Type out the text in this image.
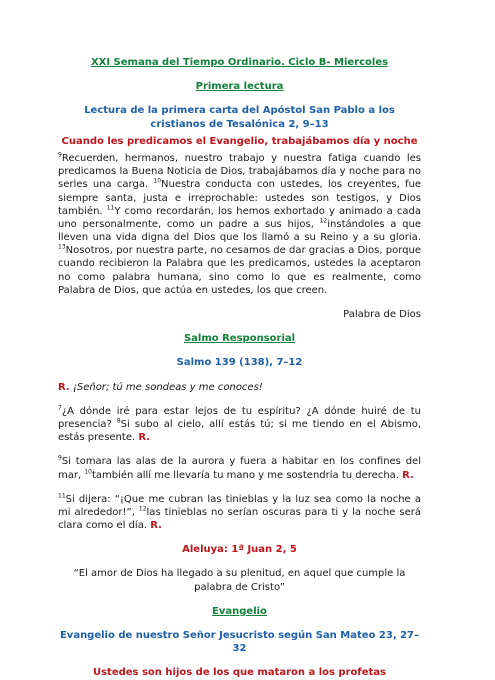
XXI Semana del Tiempo Ordinario. Ciclo B- Miercoles

Primera lectura

Lectura de la primera carta del Apóstol San Pablo a los cristianos de Tesalónica 2, 9–13

Cuando les predicamos el Evangelio, trabajábamos día y noche

$^9$Recuerden, hermanos, nuestro trabajo y nuestra fatiga cuando les predicamos la Buena Noticia de Dios, trabajábamos día y noche para no serles una carga. $^{10}$Nuestra conducta con ustedes, los creyentes, fue siempre santa, justa e irreprochable: ustedes son testigos, y Dios también. $^{11}$Y como recordarán, los hemos exhortado y animado a cada uno personalmente, como un padre a sus hijos, $^{12}$instándoles a que lleven una vida digna del Dios que los llamó a su Reino y a su gloria. $^{13}$Nosotros, por nuestra parte, no cesamos de dar gracias a Dios, porque cuando recibieron la Palabra que les predicamos, ustedes la aceptaron no como palabra humana, sino como lo que es realmente, como Palabra de Dios, que actúa en ustedes, los que creen.

Palabra de Dios

Salmo Responsorial

Salmo 139 (138), 7–12

R. ¡Señor; tú me sondeas y me conoces!

$^7$¿A dónde iré para estar lejos de tu espíritu? ¿A dónde huiré de tu presencia? $^8$Si subo al cielo, allí estás tú; si me tiendo en el Abismo, estás presente. R.

$^9$Si tomara las alas de la aurora y fuera a habitar en los confines del mar, $^{10}$también allí me llevaría tu mano y me sostendría tu derecha. R.

$^{11}$Si dijera: “¡Que me cubran las tinieblas y la luz sea como la noche a mi alrededor!”, $^{12}$las tinieblas no serían oscuras para ti y la noche será clara como el día. R.

Aleluya: 1ª Juan 2, 5

“El amor de Dios ha llegado a su plenitud, en aquel que cumple la palabra de Cristo”

Evangelio

Evangelio de nuestro Señor Jesucristo según San Mateo 23, 27–32

Ustedes son hijos de los que mataron a los profetas
